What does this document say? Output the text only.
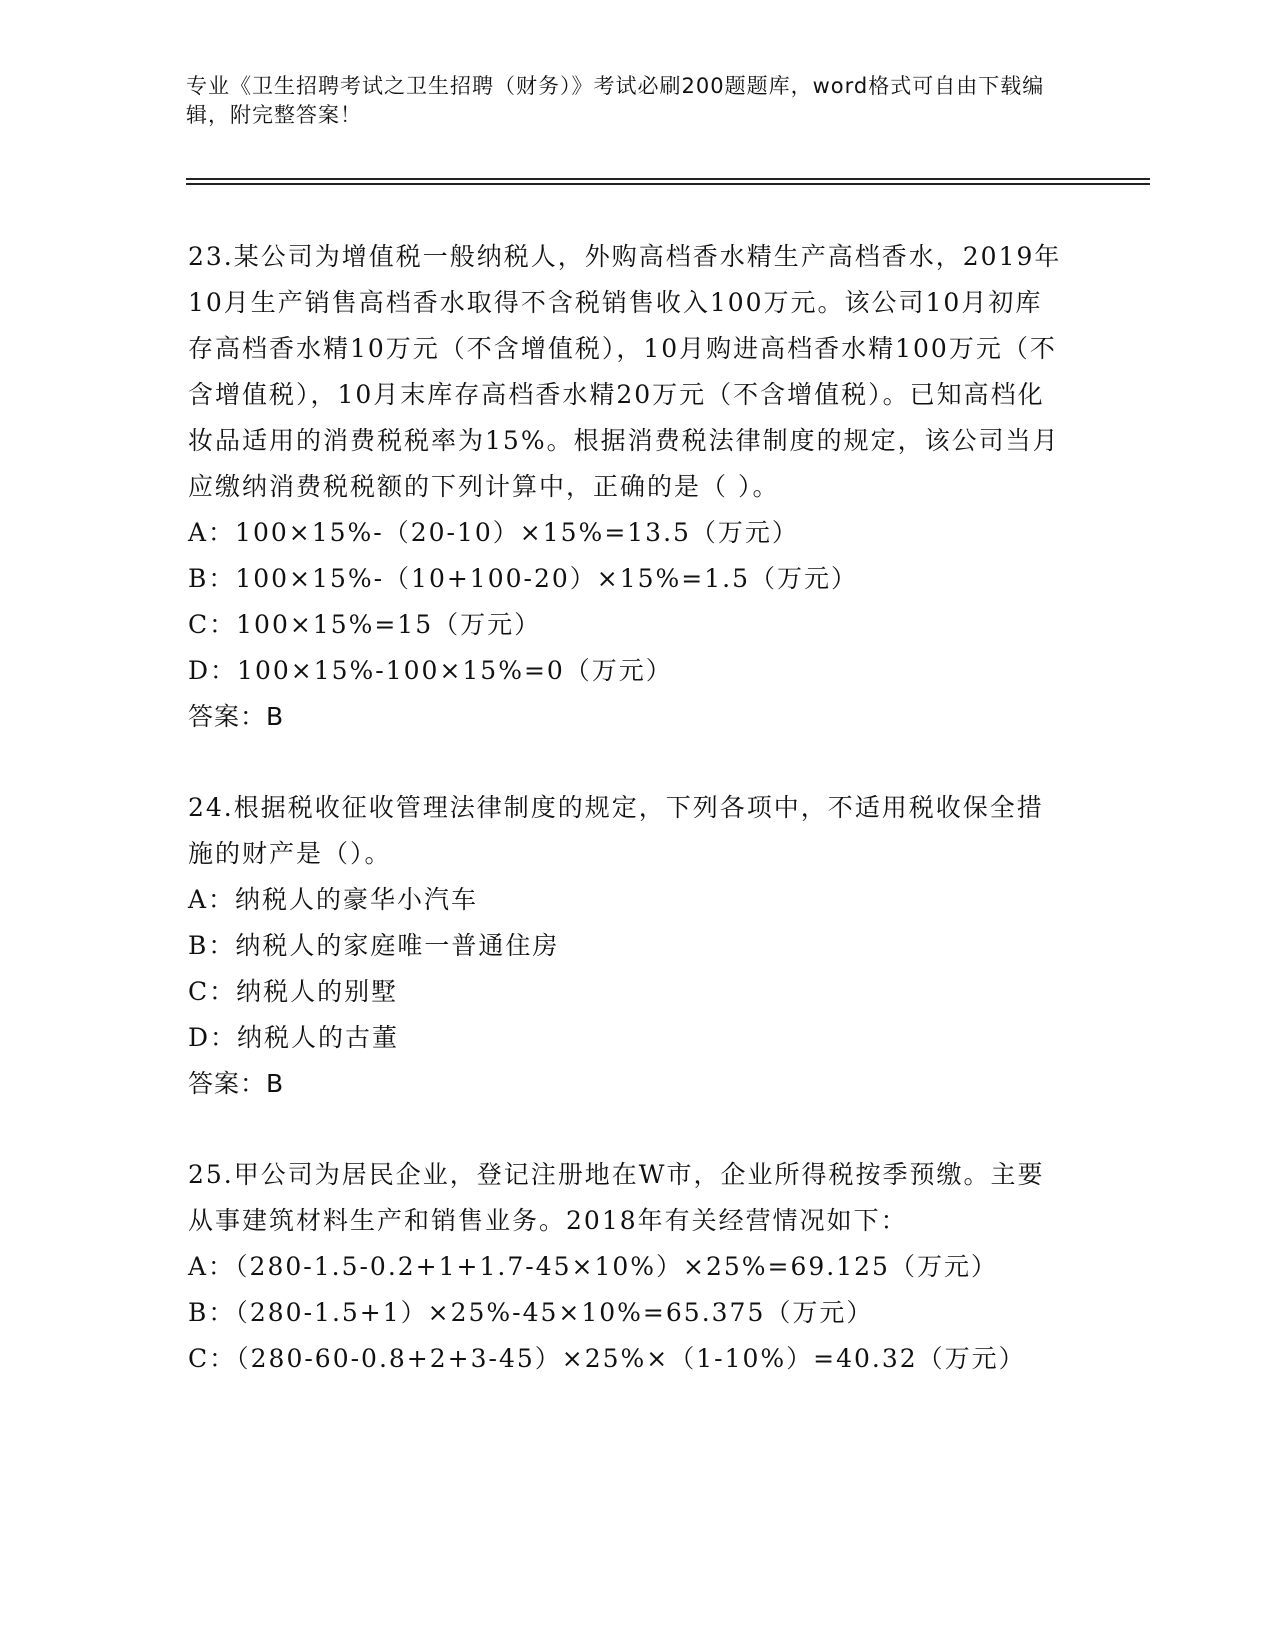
专业《卫生招聘考试之卫生招聘（财务）》考试必刷200题题库，word格式可自由下载编辑，附完整答案！

23.某公司为增值税一般纳税人，外购高档香水精生产高档香水，2019年10月生产销售高档香水取得不含税销售收入100万元。该公司10月初库存高档香水精10万元（不含增值税），10月购进高档香水精100万元（不含增值税），10月末库存高档香水精20万元（不含增值税）。已知高档化妆品适用的消费税税率为15%。根据消费税法律制度的规定，该公司当月应缴纳消费税税额的下列计算中，正确的是（ ）。

A：100×15%-（20-10）×15%=13.5（万元）

B：100×15%-（10+100-20）×15%=1.5（万元）

C：100×15%=15（万元）

D：100×15%-100×15%=0（万元）

答案：B

24.根据税收征收管理法律制度的规定，下列各项中，不适用税收保全措施的财产是（）。

A：纳税人的豪华小汽车

B：纳税人的家庭唯一普通住房

C：纳税人的别墅

D：纳税人的古董

答案：B

25.甲公司为居民企业，登记注册地在W市，企业所得税按季预缴。主要从事建筑材料生产和销售业务。2018年有关经营情况如下：

A：（280-1.5-0.2+1+1.7-45×10%）×25%=69.125（万元）

B：（280-1.5+1）×25%-45×10%=65.375（万元）

C：（280-60-0.8+2+3-45）×25%×（1-10%）=40.32（万元）
